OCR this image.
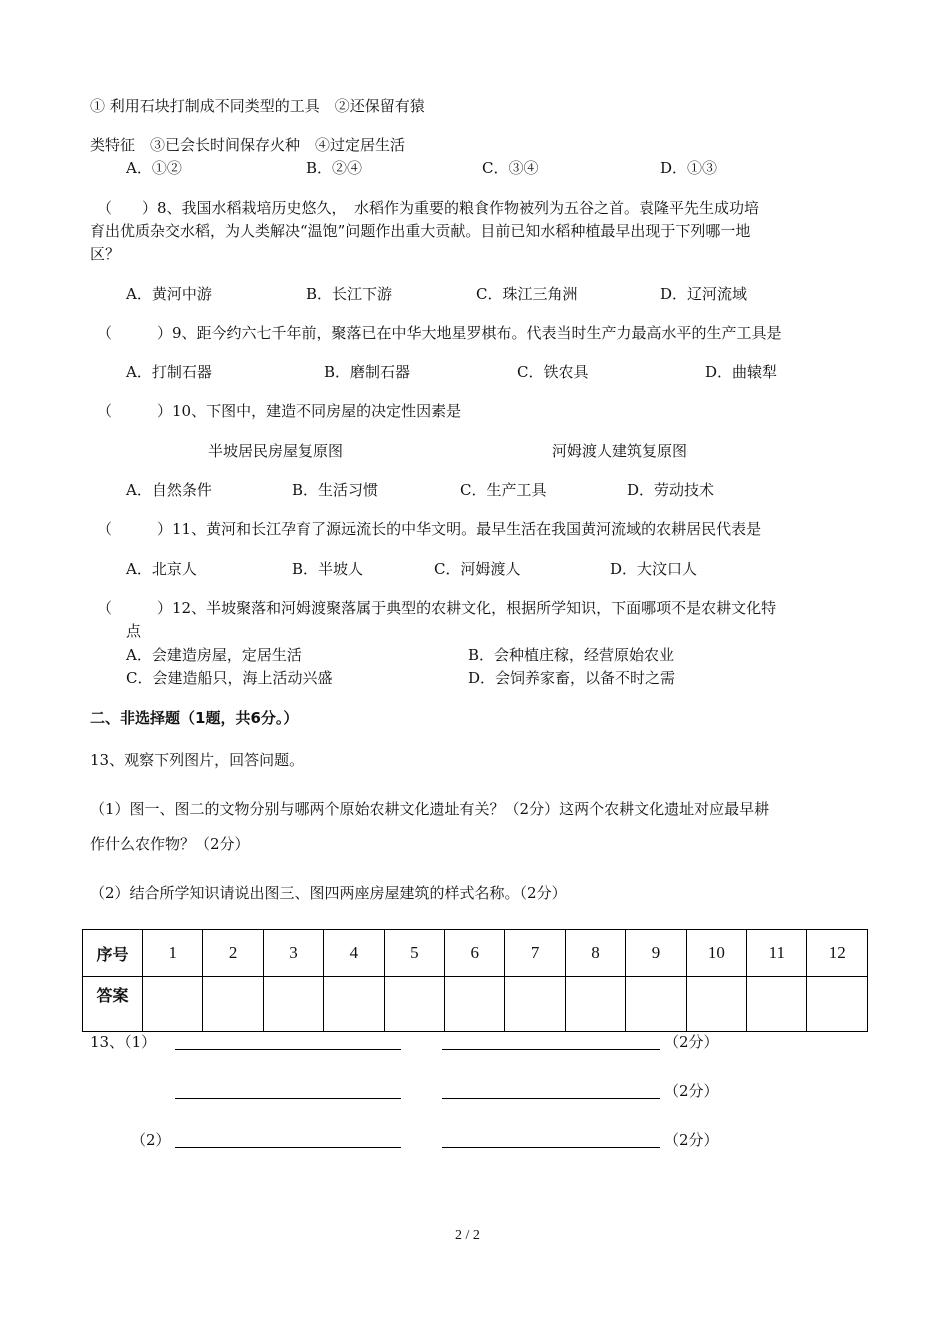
① 利用石块打制成不同类型的工具　②还保留有猿
类特征　③已会长时间保存火种　④过定居生活
A．①②	B．②④	C．③④	D．①③
（　　）8、我国水稻栽培历史悠久，　水稻作为重要的粮食作物被列为五谷之首。袁隆平先生成功培
育出优质杂交水稻，为人类解决“温饱”问题作出重大贡献。目前已知水稻种植最早出现于下列哪一地
区？
A．黄河中游	B．长江下游	C．珠江三角洲	D．辽河流域
（　　　）9、距今约六七千年前，聚落已在中华大地星罗棋布。代表当时生产力最高水平的生产工具是
A．打制石器	B．磨制石器	C．铁农具	D．曲辕犁
（　　　）10、下图中，建造不同房屋的决定性因素是
半坡居民房屋复原图	河姆渡人建筑复原图
A．自然条件	B．生活习惯	C．生产工具	D．劳动技术
（　　　）11、黄河和长江孕育了源远流长的中华文明。最早生活在我国黄河流域的农耕居民代表是
A．北京人	B．半坡人	C．河姆渡人	D．大汶口人
（　　　）12、半坡聚落和河姆渡聚落属于典型的农耕文化，根据所学知识，下面哪项不是农耕文化特
点
A．会建造房屋，定居生活	B．会种植庄稼，经营原始农业
C．会建造船只，海上活动兴盛	D．会饲养家畜，以备不时之需
二、非选择题（1题，共6分。）
13、观察下列图片，回答问题。
（1）图一、图二的文物分别与哪两个原始农耕文化遗址有关？（2分）这两个农耕文化遗址对应最早耕
作什么农作物？（2分）
（2）结合所学知识请说出图三、图四两座房屋建筑的样式名称。（2分）
序号	1	2	3	4	5	6	7	8	9	10	11	12
答案												
13、（1）	（2分）
（2分）
（2）	（2分）
2 / 2
